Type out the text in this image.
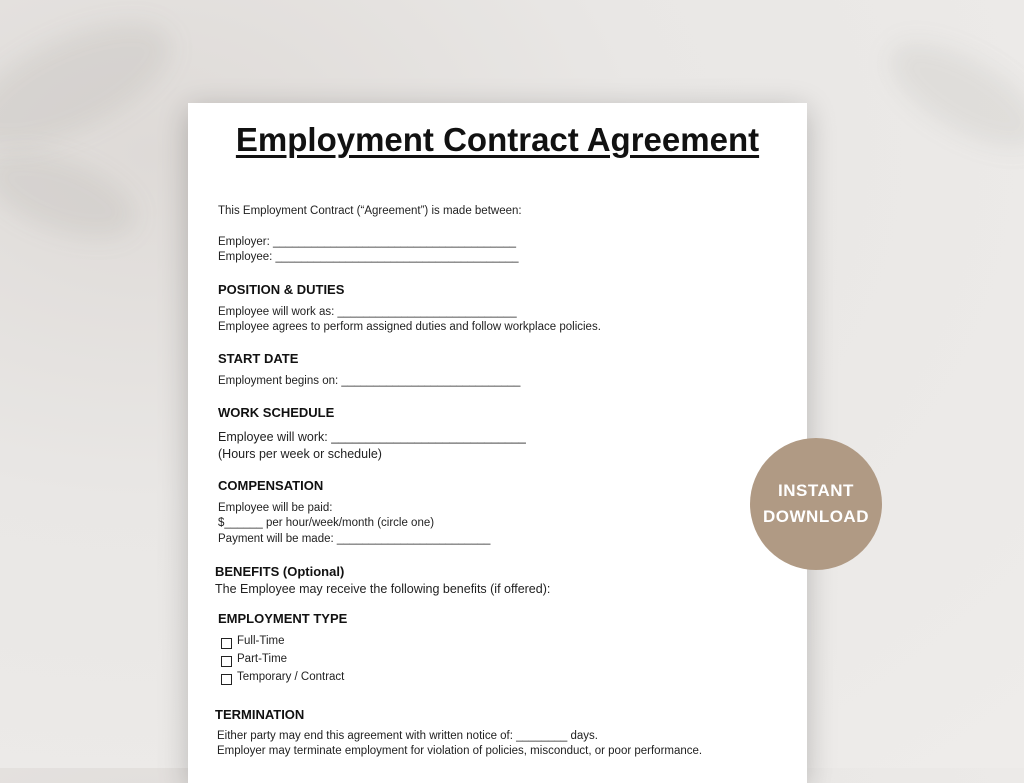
Employment Contract Agreement
This Employment Contract (“Agreement”) is made between:
Employer: ______________________________________
Employee: ______________________________________
POSITION & DUTIES
Employee will work as: ____________________________
Employee agrees to perform assigned duties and follow workplace policies.
START DATE
Employment begins on: ____________________________
WORK SCHEDULE
Employee will work: ____________________________
(Hours per week or schedule)
COMPENSATION
Employee will be paid:
$______ per hour/week/month (circle one)
Payment will be made: ________________________
BENEFITS (Optional)
The Employee may receive the following benefits (if offered):
EMPLOYMENT TYPE
Full-Time
Part-Time
Temporary / Contract
TERMINATION
Either party may end this agreement with written notice of: ________ days.
Employer may terminate employment for violation of policies, misconduct, or poor performance.
INSTANT
DOWNLOAD
